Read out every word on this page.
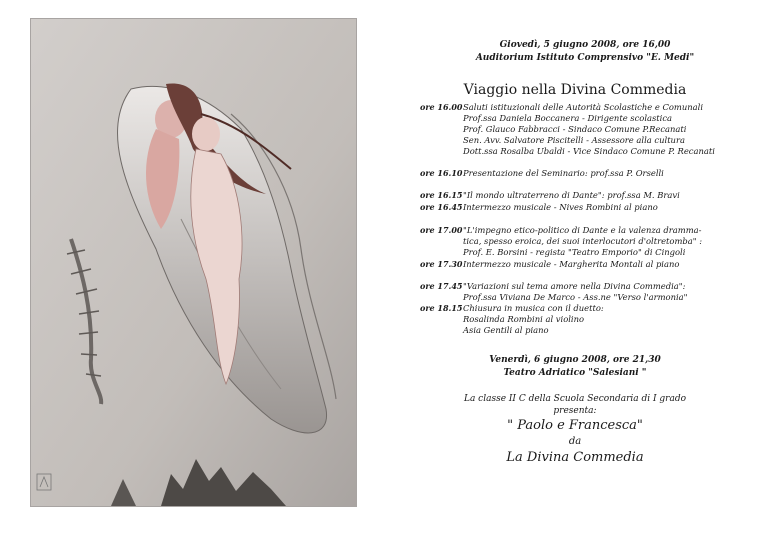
Giovedì, 5 giugno 2008, ore 16,00
Auditorium Istituto Comprensivo "E. Medi"
Viaggio nella Divina Commedia
ore 16.00 Saluti istituzionali delle Autorità Scolastiche e Comunali
Prof.ssa Daniela Boccanera - Dirigente scolastica
Prof. Glauco Fabbracci - Sindaco Comune P.Recanati
Sen. Avv. Salvatore Piscitelli - Assessore alla cultura
Dott.ssa Rosalba Ubaldi - Vice Sindaco Comune P. Recanati
ore 16.10 Presentazione del Seminario: prof.ssa P. Orselli
ore 16.15 "Il mondo ultraterreno di Dante": prof.ssa M. Bravi
ore 16.45 Intermezzo musicale - Nives Rombini al piano
ore 17.00 "L'impegno etico-politico di Dante e la valenza dramma-
tica, spesso eroica, dei suoi interlocutori d'oltretomba" :
Prof. E. Borsini - regista "Teatro Emporio" di Cingoli
ore 17.30 Intermezzo musicale - Margherita Montali al piano
ore 17.45 "Variazioni sul tema amore nella Divina Commedia":
Prof.ssa Viviana De Marco - Ass.ne "Verso l'armonia"
ore 18.15 Chiusura in musica con il duetto:
Rosalinda Rombini al violino
Asia Gentili al piano
Venerdì, 6 giugno 2008, ore 21,30
Teatro Adriatico "Salesiani "
La classe II C della Scuola Secondaria di I grado
presenta:
" Paolo e Francesca"
da
La Divina Commedia
